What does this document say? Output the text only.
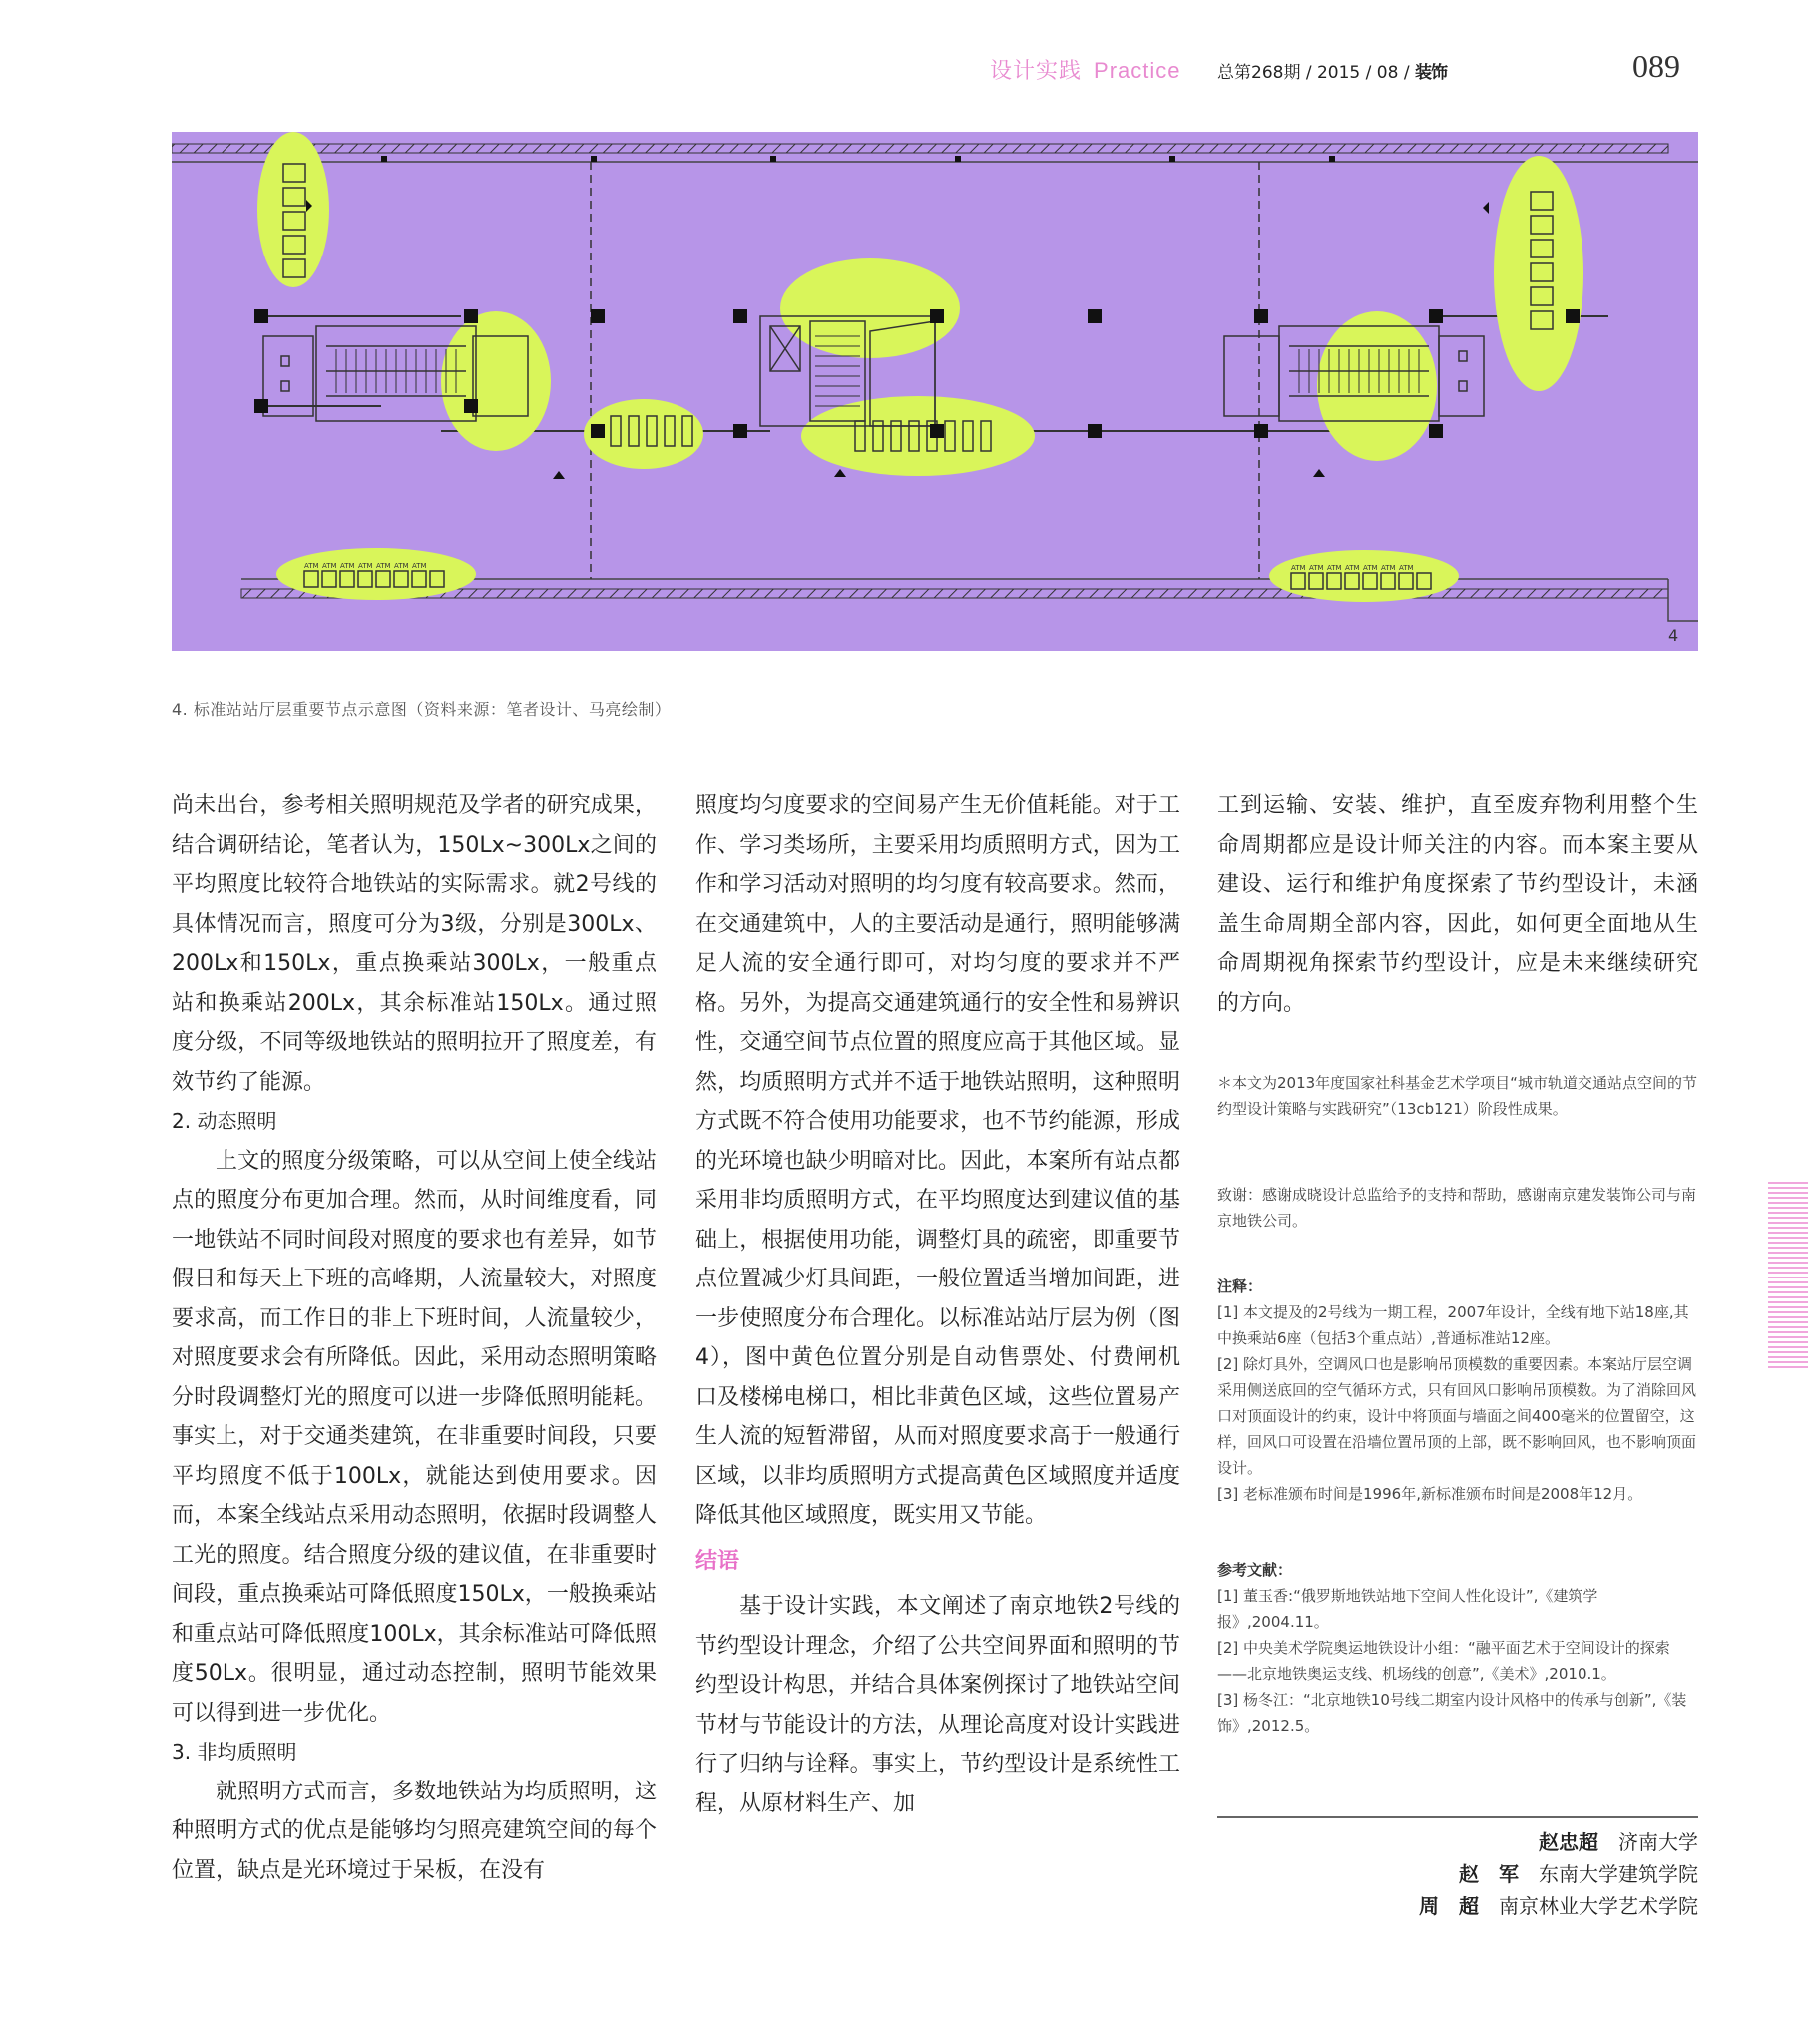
设计实践 Practice 总第268期 / 2015 / 08 / 装饰	089
ATM ATM ATM ATM ATM ATM ATM	ATM ATM ATM ATM ATM ATM ATM
4
4. 标准站站厅层重要节点示意图（资料来源：笔者设计、马亮绘制）

尚未出台，参考相关照明规范及学者的研究成果，结合调研结论，笔者认为，150Lx~300Lx之间的平均照度比较符合地铁站的实际需求。就2号线的具体情况而言，照度可分为3级，分别是300Lx、200Lx和150Lx，重点换乘站300Lx，一般重点站和换乘站200Lx，其余标准站150Lx。通过照度分级，不同等级地铁站的照明拉开了照度差，有效节约了能源。

2. 动态照明

上文的照度分级策略，可以从空间上使全线站点的照度分布更加合理。然而，从时间维度看，同一地铁站不同时间段对照度的要求也有差异，如节假日和每天上下班的高峰期，人流量较大，对照度要求高，而工作日的非上下班时间，人流量较少，对照度要求会有所降低。因此，采用动态照明策略分时段调整灯光的照度可以进一步降低照明能耗。事实上，对于交通类建筑，在非重要时间段，只要平均照度不低于100Lx，就能达到使用要求。因而，本案全线站点采用动态照明，依据时段调整人工光的照度。结合照度分级的建议值，在非重要时间段，重点换乘站可降低照度150Lx，一般换乘站和重点站可降低照度100Lx，其余标准站可降低照度50Lx。很明显，通过动态控制，照明节能效果可以得到进一步优化。

3. 非均质照明

就照明方式而言，多数地铁站为均质照明，这种照明方式的优点是能够均匀照亮建筑空间的每个位置，缺点是光环境过于呆板，在没有

照度均匀度要求的空间易产生无价值耗能。对于工作、学习类场所，主要采用均质照明方式，因为工作和学习活动对照明的均匀度有较高要求。然而，在交通建筑中，人的主要活动是通行，照明能够满足人流的安全通行即可，对均匀度的要求并不严格。另外，为提高交通建筑通行的安全性和易辨识性，交通空间节点位置的照度应高于其他区域。显然，均质照明方式并不适于地铁站照明，这种照明方式既不符合使用功能要求，也不节约能源，形成的光环境也缺少明暗对比。因此，本案所有站点都采用非均质照明方式，在平均照度达到建议值的基础上，根据使用功能，调整灯具的疏密，即重要节点位置减少灯具间距，一般位置适当增加间距，进一步使照度分布合理化。以标准站站厅层为例（图4），图中黄色位置分别是自动售票处、付费闸机口及楼梯电梯口，相比非黄色区域，这些位置易产生人流的短暂滞留，从而对照度要求高于一般通行区域，以非均质照明方式提高黄色区域照度并适度降低其他区域照度，既实用又节能。

结语

基于设计实践，本文阐述了南京地铁2号线的节约型设计理念，介绍了公共空间界面和照明的节约型设计构思，并结合具体案例探讨了地铁站空间节材与节能设计的方法，从理论高度对设计实践进行了归纳与诠释。事实上，节约型设计是系统性工程，从原材料生产、加

工到运输、安装、维护，直至废弃物利用整个生命周期都应是设计师关注的内容。而本案主要从建设、运行和维护角度探索了节约型设计，未涵盖生命周期全部内容，因此，如何更全面地从生命周期视角探索节约型设计，应是未来继续研究的方向。

＊本文为2013年度国家社科基金艺术学项目“城市轨道交通站点空间的节约型设计策略与实践研究”（13cb121）阶段性成果。

致谢：感谢成晓设计总监给予的支持和帮助，感谢南京建发装饰公司与南京地铁公司。

注释：

[1] 本文提及的2号线为一期工程，2007年设计，全线有地下站18座,其中换乘站6座（包括3个重点站）,普通标准站12座。

[2] 除灯具外，空调风口也是影响吊顶模数的重要因素。本案站厅层空调采用侧送底回的空气循环方式，只有回风口影响吊顶模数。为了消除回风口对顶面设计的约束，设计中将顶面与墙面之间400毫米的位置留空，这样，回风口可设置在沿墙位置吊顶的上部，既不影响回风，也不影响顶面设计。

[3] 老标准颁布时间是1996年,新标准颁布时间是2008年12月。

参考文献：

[1] 董玉香:“俄罗斯地铁站地下空间人性化设计”,《建筑学报》,2004.11。

[2] 中央美术学院奥运地铁设计小组：“融平面艺术于空间设计的探索——北京地铁奥运支线、机场线的创意”,《美术》,2010.1。

[3] 杨冬江：“北京地铁10号线二期室内设计风格中的传承与创新”,《装饰》,2012.5。

赵忠超 济南大学
赵　军 东南大学建筑学院
周　超 南京林业大学艺术学院
